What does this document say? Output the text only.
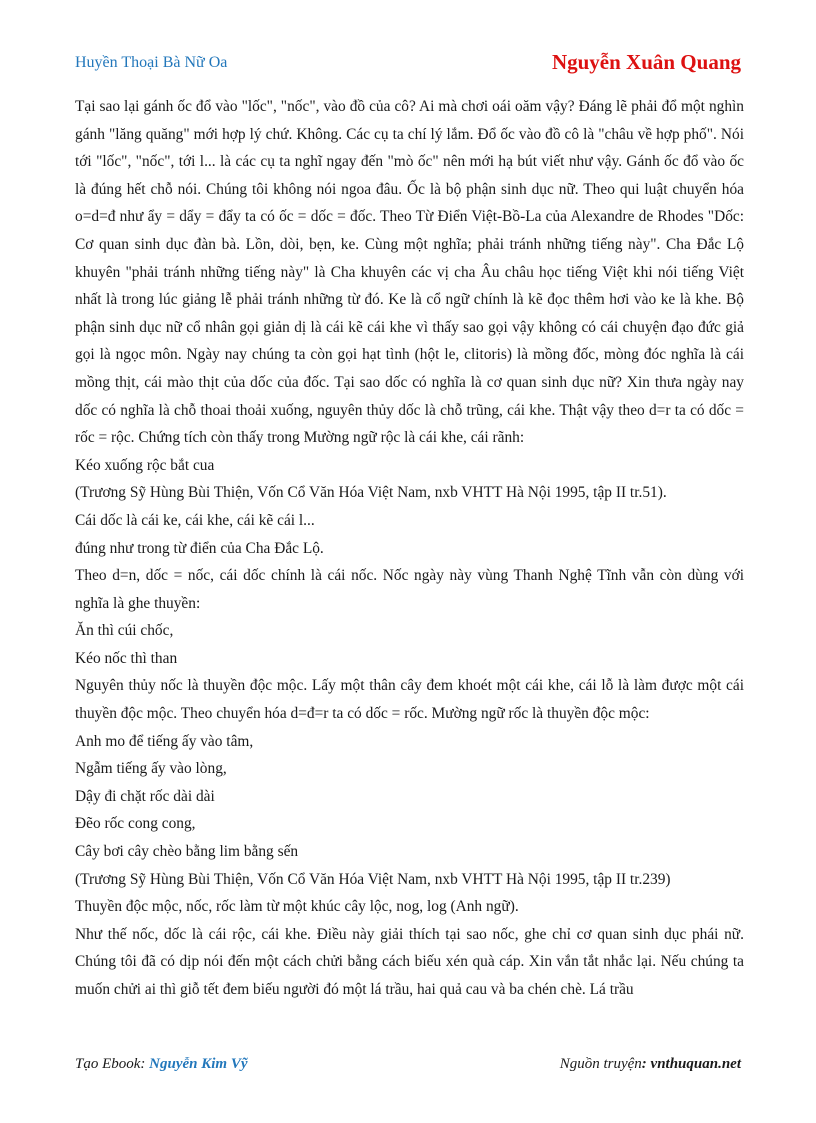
Huyền Thoại Bà Nữ Oa	Nguyễn Xuân Quang

Tại sao lại gánh ốc đổ vào "lốc", "nốc", vào đồ của cô? Ai mà chơi oái oăm vậy? Đáng lẽ phải đổ một nghìn gánh "lăng quăng" mới hợp lý chứ. Không. Các cụ ta chí lý lắm. Đổ ốc vào đồ cô là "châu về hợp phố". Nói tới "lốc", "nốc", tới l... là các cụ ta nghĩ ngay đến "mò ốc" nên mới hạ bút viết như vậy. Gánh ốc đổ vào ốc là đúng hết chỗ nói. Chúng tôi không nói ngoa đâu. Ốc là bộ phận sinh dục nữ. Theo qui luật chuyển hóa o=d=đ như ẩy = dẩy = đẩy ta có ốc = dốc = đốc. Theo Từ Điển Việt-Bồ-La của Alexandre de Rhodes "Dốc: Cơ quan sinh dục đàn bà. Lồn, dòi, bẹn, ke. Cùng một nghĩa; phải tránh những tiếng này". Cha Đắc Lộ khuyên "phải tránh những tiếng này" là Cha khuyên các vị cha Âu châu học tiếng Việt khi nói tiếng Việt nhất là trong lúc giảng lễ phải tránh những từ đó. Ke là cổ ngữ chính là kẽ đọc thêm hơi vào ke là khe. Bộ phận sinh dục nữ cổ nhân gọi giản dị là cái kẽ cái khe vì thấy sao gọi vậy không có cái chuyện đạo đức giả gọi là ngọc môn. Ngày nay chúng ta còn gọi hạt tình (hột le, clitoris) là mồng đốc, mòng đóc nghĩa là cái mồng thịt, cái mào thịt của dốc của đốc. Tại sao dốc có nghĩa là cơ quan sinh dục nữ? Xin thưa ngày nay dốc có nghĩa là chỗ thoai thoải xuống, nguyên thủy dốc là chỗ trũng, cái khe. Thật vậy theo d=r ta có dốc = rốc = rộc. Chứng tích còn thấy trong Mường ngữ rộc là cái khe, cái rãnh:

Kéo xuống rộc bắt cua

(Trương Sỹ Hùng Bùi Thiện, Vốn Cổ Văn Hóa Việt Nam, nxb VHTT Hà Nội 1995, tập II tr.51).

Cái dốc là cái ke, cái khe, cái kẽ cái l...

đúng như trong từ điển của Cha Đắc Lộ.

Theo d=n, dốc = nốc, cái dốc chính là cái nốc. Nốc ngày này vùng Thanh Nghệ Tĩnh vẫn còn dùng với nghĩa là ghe thuyền:

Ăn thì cúi chốc,

Kéo nốc thì than

Nguyên thủy nốc là thuyền độc mộc. Lấy một thân cây đem khoét một cái khe, cái lỗ là làm được một cái thuyền độc mộc. Theo chuyển hóa d=đ=r ta có dốc = rốc. Mường ngữ rốc là thuyền độc mộc:

Anh mo để tiếng ấy vào tâm,

Ngẫm tiếng ấy vào lòng,

Dậy đi chặt rốc dài dài

Đẽo rốc cong cong,

Cây bơi cây chèo bằng lim bằng sến

(Trương Sỹ Hùng Bùi Thiện, Vốn Cổ Văn Hóa Việt Nam, nxb VHTT Hà Nội 1995, tập II tr.239)

Thuyền độc mộc, nốc, rốc làm từ một khúc cây lộc, nog, log (Anh ngữ).

Như thế nốc, dốc là cái rộc, cái khe. Điều này giải thích tại sao nốc, ghe chỉ cơ quan sinh dục phái nữ. Chúng tôi đã có dịp nói đến một cách chửi bằng cách biếu xén quà cáp. Xin vắn tắt nhắc lại. Nếu chúng ta muốn chửi ai thì giỗ tết đem biếu người đó một lá trầu, hai quả cau và ba chén chè. Lá trầu

Tạo Ebook: Nguyễn Kim Vỹ	Nguồn truyện: vnthuquan.net
